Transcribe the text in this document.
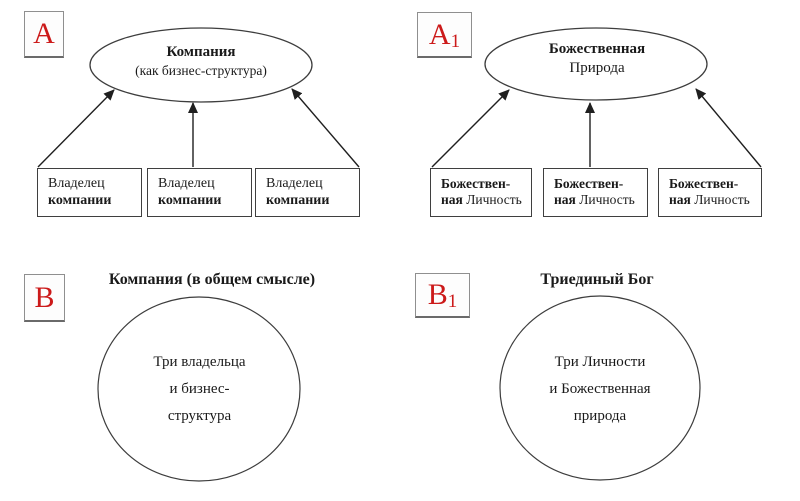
A
Компания
(как бизнес-структура)
Владелец
компании
Владелец
компании
Владелец
компании
A 1	Божественная
Природа
Божествен-
ная Личность
Божествен-
ная Личность
Божествен-
ная Личность
B
Компания (в общем смысле)
Три владельца
и бизнес-
структура
B 1
Триединый Бог
Три Личности
и Божественная
природа
